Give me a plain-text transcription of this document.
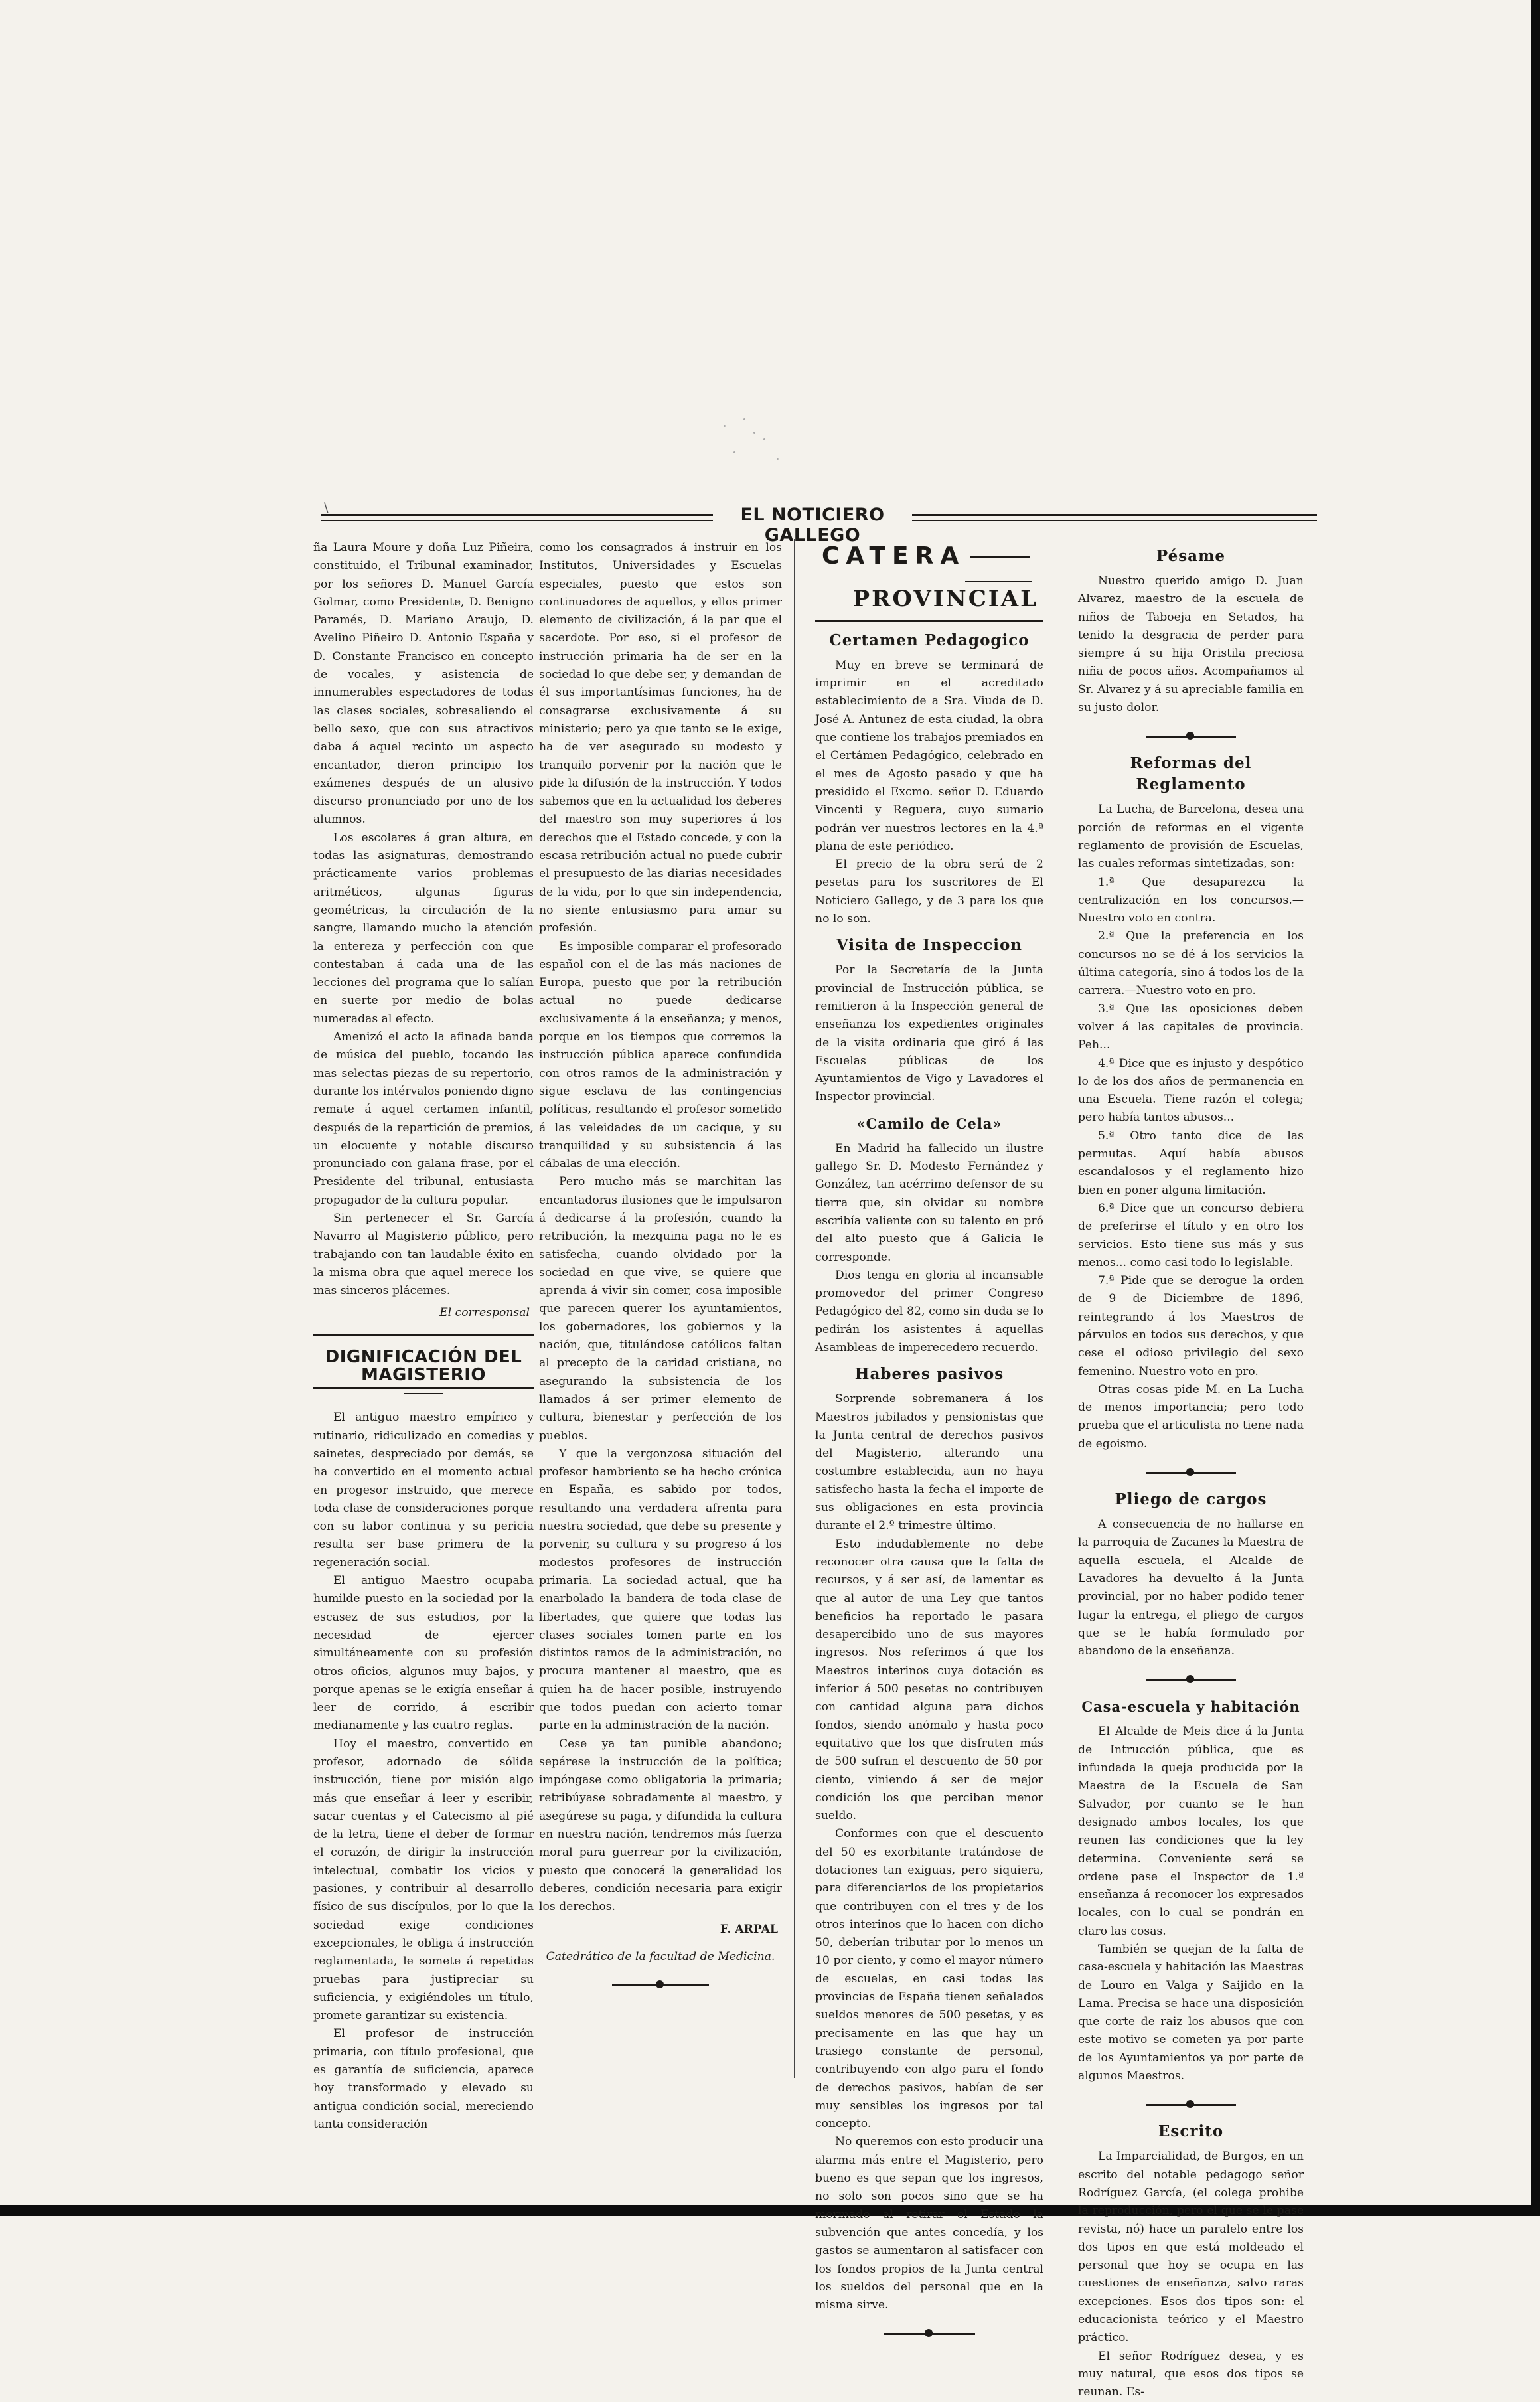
\	EL NOTICIERO GALLEGO

ña Laura Moure y doña Luz Piñeira, constituido, el Tribunal examinador, por los señores D. Manuel García Golmar, como Presidente, D. Benigno Paramés, D. Mariano Araujo, D. Avelino Piñeiro D. Antonio España y D. Constante Francisco en concepto de vocales, y asistencia de innumerables espectadores de todas las clases sociales, sobresaliendo el bello sexo, que con sus atractivos daba á aquel recinto un aspecto encantador, dieron principio los exámenes después de un alusivo discurso pronunciado por uno de los alumnos.

Los escolares á gran altura, en todas las asignaturas, demostrando prácticamente varios problemas aritméticos, algunas figuras geométricas, la circulación de la sangre, llamando mucho la atención la entereza y perfección con que contestaban á cada una de las lecciones del programa que lo salían en suerte por medio de bolas numeradas al efecto.

Amenizó el acto la afinada banda de música del pueblo, tocando las mas selectas piezas de su repertorio, durante los intérvalos poniendo digno remate á aquel certamen infantil, después de la repartición de premios, un elocuente y notable discurso pronunciado con galana frase, por el Presidente del tribunal, entusiasta propagador de la cultura popular.

Sin pertenecer el Sr. García Navarro al Magisterio público, pero trabajando con tan laudable éxito en la misma obra que aquel merece los mas sinceros plácemes.

El corresponsal
DIGNIFICACIÓN DEL MAGISTERIO

El antiguo maestro empírico y rutinario, ridiculizado en comedias y sainetes, despreciado por demás, se ha convertido en el momento actual en progesor instruido, que merece toda clase de consideraciones porque con su labor continua y su pericia resulta ser base primera de la regeneración social.

El antiguo Maestro ocupaba humilde puesto en la sociedad por la escasez de sus estudios, por la necesidad de ejercer simultáneamente con su profesión otros oficios, algunos muy bajos, y porque apenas se le exigía enseñar á leer de corrido, á escribir medianamente y las cuatro reglas.

Hoy el maestro, convertido en profesor, adornado de sólida instrucción, tiene por misión algo más que enseñar á leer y escribir, sacar cuentas y el Catecismo al pié de la letra, tiene el deber de formar el corazón, de dirigir la instrucción intelectual, combatir los vicios y pasiones, y contribuir al desarrollo físico de sus discípulos, por lo que la sociedad exige condiciones excepcionales, le obliga á instrucción reglamentada, le somete á repetidas pruebas para justipreciar su suficiencia, y exigiéndoles un título, promete garantizar su existencia.

El profesor de instrucción primaria, con título profesional, que es garantía de suficiencia, aparece hoy transformado y elevado su antigua condición social, mereciendo tanta consideración

como los consagrados á instruir en los Institutos, Universidades y Escuelas especiales, puesto que estos son continuadores de aquellos, y ellos primer elemento de civilización, á la par que el sacerdote. Por eso, si el profesor de instrucción primaria ha de ser en la sociedad lo que debe ser, y demandan de él sus importantísimas funciones, ha de consagrarse exclusivamente á su ministerio; pero ya que tanto se le exige, ha de ver asegurado su modesto y tranquilo porvenir por la nación que le pide la difusión de la instrucción. Y todos sabemos que en la actualidad los deberes del maestro son muy superiores á los derechos que el Estado concede, y con la escasa retribución actual no puede cubrir el presupuesto de las diarias necesidades de la vida, por lo que sin independencia, no siente entusiasmo para amar su profesión.

Es imposible comparar el profesorado español con el de las más naciones de Europa, puesto que por la retribución actual no puede dedicarse exclusivamente á la enseñanza; y menos, porque en los tiempos que corremos la instrucción pública aparece confundida con otros ramos de la administración y sigue esclava de las contingencias políticas, resultando el profesor sometido á las veleidades de un cacique, y su tranquilidad y su subsistencia á las cábalas de una elección.

Pero mucho más se marchitan las encantadoras ilusiones que le impulsaron á dedicarse á la profesión, cuando la retribución, la mezquina paga no le es satisfecha, cuando olvidado por la sociedad en que vive, se quiere que aprenda á vivir sin comer, cosa imposible que parecen querer los ayuntamientos, los gobernadores, los gobiernos y la nación, que, titulándose católicos faltan al precepto de la caridad cristiana, no asegurando la subsistencia de los llamados á ser primer elemento de cultura, bienestar y perfección de los pueblos.

Y que la vergonzosa situación del profesor hambriento se ha hecho crónica en España, es sabido por todos, resultando una verdadera afrenta para nuestra sociedad, que debe su presente y porvenir, su cultura y su progreso á los modestos profesores de instrucción primaria. La sociedad actual, que ha enarbolado la bandera de toda clase de libertades, que quiere que todas las clases sociales tomen parte en los distintos ramos de la administración, no procura mantener al maestro, que es quien ha de hacer posible, instruyendo que todos puedan con acierto tomar parte en la administración de la nación.

Cese ya tan punible abandono; sepárese la instrucción de la política; impóngase como obligatoria la primaria; retribúyase sobradamente al maestro, y asegúrese su paga, y difundida la cultura en nuestra nación, tendremos más fuerza moral para guerrear por la civilización, puesto que conocerá la generalidad los deberes, condición necesaria para exigir los derechos.

F. ARPAL
Catedrático de la facultad de Medicina.
CATERA
PROVINCIAL
Certamen Pedagogico

Muy en breve se terminará de imprimir en el acreditado establecimiento de a Sra. Viuda de D. José A. Antunez de esta ciudad, la obra que contiene los trabajos premiados en el Certámen Pedagógico, celebrado en el mes de Agosto pasado y que ha presidido el Excmo. señor D. Eduardo Vincenti y Reguera, cuyo sumario podrán ver nuestros lectores en la 4.ª plana de este periódico.

El precio de la obra será de 2 pesetas para los suscritores de El Noticiero Gallego, y de 3 para los que no lo son.

Visita de Inspeccion

Por la Secretaría de la Junta provincial de Instrucción pública, se remitieron á la Inspección general de enseñanza los expedientes originales de la visita ordinaria que giró á las Escuelas públicas de los Ayuntamientos de Vigo y Lavadores el Inspector provincial.

«Camilo de Cela»

En Madrid ha fallecido un ilustre gallego Sr. D. Modesto Fernández y González, tan acérrimo defensor de su tierra que, sin olvidar su nombre escribía valiente con su talento en pró del alto puesto que á Galicia le corresponde.

Dios tenga en gloria al incansable promovedor del primer Congreso Pedagógico del 82, como sin duda se lo pedirán los asistentes á aquellas Asambleas de imperecedero recuerdo.

Haberes pasivos

Sorprende sobremanera á los Maestros jubilados y pensionistas que la Junta central de derechos pasivos del Magisterio, alterando una costumbre establecida, aun no haya satisfecho hasta la fecha el importe de sus obligaciones en esta provincia durante el 2.º trimestre último.

Esto indudablemente no debe reconocer otra causa que la falta de recursos, y á ser así, de lamentar es que al autor de una Ley que tantos beneficios ha reportado le pasara desapercibido uno de sus mayores ingresos. Nos referimos á que los Maestros interinos cuya dotación es inferior á 500 pesetas no contribuyen con cantidad alguna para dichos fondos, siendo anómalo y hasta poco equitativo que los que disfruten más de 500 sufran el descuento de 50 por ciento, viniendo á ser de mejor condición los que perciban menor sueldo.

Conformes con que el descuento del 50 es exorbitante tratándose de dotaciones tan exiguas, pero siquiera, para diferenciarlos de los propietarios que contribuyen con el tres y de los otros interinos que lo hacen con dicho 50, deberían tributar por lo menos un 10 por ciento, y como el mayor número de escuelas, en casi todas las provincias de España tienen señalados sueldos menores de 500 pesetas, y es precisamente en las que hay un trasiego constante de personal, contribuyendo con algo para el fondo de derechos pasivos, habían de ser muy sensibles los ingresos por tal concepto.

No queremos con esto producir una alarma más entre el Magisterio, pero bueno es que sepan que los ingresos, no solo son pocos sino que se ha mermado al retirar el Estado la subvención que antes concedía, y los gastos se aumentaron al satisfacer con los fondos propios de la Junta central los sueldos del personal que en la misma sirve.

Pésame

Nuestro querido amigo D. Juan Alvarez, maestro de la escuela de niños de Taboeja en Setados, ha tenido la desgracia de perder para siempre á su hija Oristila preciosa niña de pocos años. Acompañamos al Sr. Alvarez y á su apreciable familia en su justo dolor.

Reformas del Reglamento

La Lucha, de Barcelona, desea una porción de reformas en el vigente reglamento de provisión de Escuelas, las cuales reformas sintetizadas, son:

1.ª Que desaparezca la centralización en los concursos.—Nuestro voto en contra.

2.ª Que la preferencia en los concursos no se dé á los servicios la última categoría, sino á todos los de la carrera.—Nuestro voto en pro.

3.ª Que las oposiciones deben volver á las capitales de provincia. Peh...

4.ª Dice que es injusto y despótico lo de los dos años de permanencia en una Escuela. Tiene razón el colega; pero había tantos abusos...

5.ª Otro tanto dice de las permutas. Aquí había abusos escandalosos y el reglamento hizo bien en poner alguna limitación.

6.ª Dice que un concurso debiera de preferirse el título y en otro los servicios. Esto tiene sus más y sus menos... como casi todo lo legislable.

7.ª Pide que se derogue la orden de 9 de Diciembre de 1896, reintegrando á los Maestros de párvulos en todos sus derechos, y que cese el odioso privilegio del sexo femenino. Nuestro voto en pro.

Otras cosas pide M. en La Lucha de menos importancia; pero todo prueba que el articulista no tiene nada de egoismo.

Pliego de cargos

A consecuencia de no hallarse en la parroquia de Zacanes la Maestra de aquella escuela, el Alcalde de Lavadores ha devuelto á la Junta provincial, por no haber podido tener lugar la entrega, el pliego de cargos que se le había formulado por abandono de la enseñanza.

Casa-escuela y habitación

El Alcalde de Meis dice á la Junta de Intrucción pública, que es infundada la queja producida por la Maestra de la Escuela de San Salvador, por cuanto se le han designado ambos locales, los que reunen las condiciones que la ley determina. Conveniente será se ordene pase el Inspector de 1.ª enseñanza á reconocer los expresados locales, con lo cual se pondrán en claro las cosas.

También se quejan de la falta de casa-escuela y habitación las Maestras de Louro en Valga y Saijido en la Lama. Precisa se hace una disposición que corte de raiz los abusos que con este motivo se cometen ya por parte de los Ayuntamientos ya por parte de algunos Maestros.

Escrito

La Imparcialidad, de Burgos, en un escrito del notable pedagogo señor Rodríguez García, (el colega prohibe la reproducción, pero el que se le pase revista, nó) hace un paralelo entre los dos tipos en que está moldeado el personal que hoy se ocupa en las cuestiones de enseñanza, salvo raras excepciones. Esos dos tipos son: el educacionista teórico y el Maestro práctico.

El señor Rodríguez desea, y es muy natural, que esos dos tipos se reunan. Es-
